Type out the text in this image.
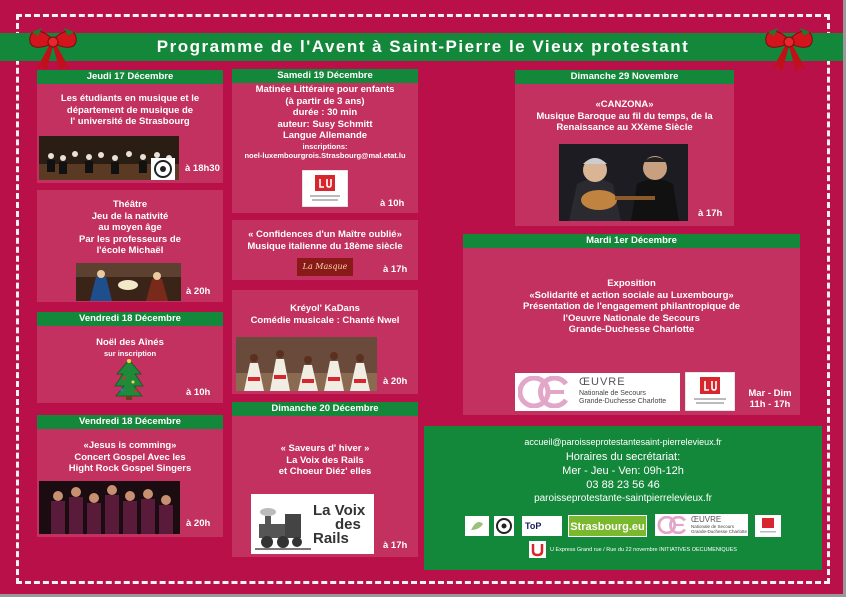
Programme de l'Avent à Saint-Pierre le Vieux protestant
Jeudi 17 Décembre
Les étudiants en musique et le
département de musique de
l' université de Strasbourg
à 18h30
Théâtre
Jeu de la nativité
au moyen âge
Par les professeurs de
l'école Michaël
à 20h
Vendredi 18 Décembre
Noël des Aînés
sur inscription
à 10h
Vendredi 18 Décembre
«Jesus is comming»
Concert Gospel Avec les
Hight Rock Gospel Singers
à 20h
Samedi 19 Décembre
Matinée Littéraire pour enfants
(à partir de 3 ans)
durée : 30 min
auteur: Susy Schmitt
Langue Allemande
inscriptions:
noel-luxembourgrois.Strasbourg@mal.etat.lu
à 10h
« Confidences d'un Maître oublié»
Musique italienne du 18ème siècle
La Masque	à 17h
Kréyol' KaDans
Comédie musicale : Chanté Nwel
à 20h
Dimanche 20 Décembre
« Saveurs d' hiver »
La Voix des Rails
et Choeur Diéz' elles
La Voix
des
Rails	à 17h
Dimanche 29 Novembre
«CANZONA»
Musique Baroque au fil du temps, de la
Renaissance au XXème Siècle
à 17h
Mardi 1er Décembre
Exposition
«Solidarité et action sociale au Luxembourg»
Présentation de l'engagement philantropique de
l'Oeuvre Nationale de Secours
Grande-Duchesse Charlotte
ŒUVRE
Nationale de Secours
Grande-Duchesse Charlotte
Mar - Dim
11h - 17h
accueil@paroisseprotestantesaint-pierrelevieux.fr
Horaires du secrétariat:
Mer - Jeu - Ven: 09h-12h
03 88 23 56 46
paroisseprotestante-saintpierrelevieux.fr
ToP	Strasbourg.eu
ŒUVRE
Nationale de Secours
Grande-Duchesse Charlotte
U Express Grand rue / Rue du 22 novembre INITIATIVES OECUMENIQUES
